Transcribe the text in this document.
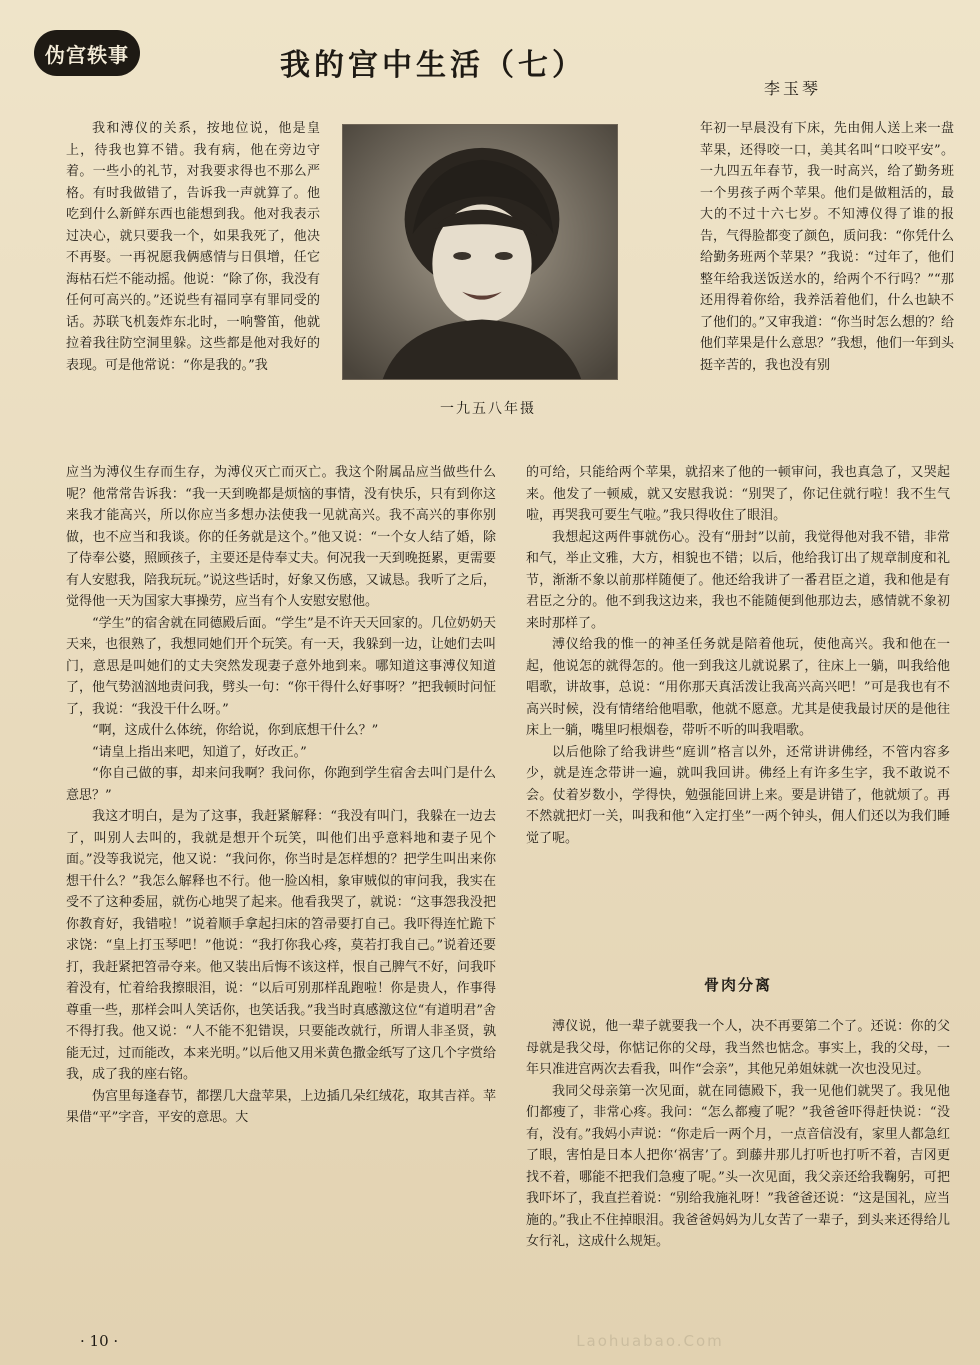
伪宫轶事	我的宫中生活（七）
李玉琴
一九五八年摄

我和溥仪的关系，按地位说，他是皇上，待我也算不错。我有病，他在旁边守着。一些小的礼节，对我要求得也不那么严格。有时我做错了，告诉我一声就算了。他吃到什么新鲜东西也能想到我。他对我表示过决心，就只要我一个，如果我死了，他决不再娶。一再祝愿我俩感情与日俱增，任它海枯石烂不能动摇。他说：“除了你，我没有任何可高兴的。”还说些有福同享有罪同受的话。苏联飞机轰炸东北时，一响警笛，他就拉着我往防空洞里躲。这些都是他对我好的表现。可是他常说：“你是我的。”我

年初一早晨没有下床，先由佣人送上来一盘苹果，还得咬一口，美其名叫“口咬平安”。一九四五年春节，我一时高兴，给了勤务班一个男孩子两个苹果。他们是做粗活的，最大的不过十六七岁。不知溥仪得了谁的报告，气得脸都变了颜色，质问我：“你凭什么给勤务班两个苹果？”我说：“过年了，他们整年给我送饭送水的，给两个不行吗？”“那还用得着你给，我养活着他们，什么也缺不了他们的。”又审我道：“你当时怎么想的？给他们苹果是什么意思？”我想，他们一年到头挺辛苦的，我也没有别

应当为溥仪生存而生存，为溥仪灭亡而灭亡。我这个附属品应当做些什么呢？他常常告诉我：“我一天到晚都是烦恼的事情，没有快乐，只有到你这来我才能高兴，所以你应当多想办法使我一见就高兴。我不高兴的事你别做，也不应当和我谈。你的任务就是这个。”他又说：“一个女人结了婚，除了侍奉公婆，照顾孩子，主要还是侍奉丈夫。何况我一天到晚挺累，更需要有人安慰我，陪我玩玩。”说这些话时，好象又伤感，又诚恳。我听了之后，觉得他一天为国家大事操劳，应当有个人安慰安慰他。

“学生”的宿舍就在同德殿后面。“学生”是不许天天回家的。几位奶奶天天来，也很熟了，我想同她们开个玩笑。有一天，我躲到一边，让她们去叫门，意思是叫她们的丈夫突然发现妻子意外地到来。哪知道这事溥仪知道了，他气势汹汹地责问我，劈头一句：“你干得什么好事呀？”把我顿时问怔了，我说：“我没干什么呀。”

“啊，这成什么体统，你给说，你到底想干什么？”

“请皇上指出来吧，知道了，好改正。”

“你自己做的事，却来问我啊？我问你，你跑到学生宿舍去叫门是什么意思？”

我这才明白，是为了这事，我赶紧解释：“我没有叫门，我躲在一边去了，叫别人去叫的，我就是想开个玩笑，叫他们出乎意料地和妻子见个面。”没等我说完，他又说：“我问你，你当时是怎样想的？把学生叫出来你想干什么？”我怎么解释也不行。他一脸凶相，象审贼似的审问我，我实在受不了这种委屈，就伤心地哭了起来。他看我哭了，就说：“这事怨我没把你教育好，我错啦！”说着顺手拿起扫床的笤帚要打自己。我吓得连忙跪下求饶：“皇上打玉琴吧！”他说：“我打你我心疼，莫若打我自己。”说着还要打，我赶紧把笤帚夺来。他又装出后悔不该这样，恨自己脾气不好，问我吓着没有，忙着给我擦眼泪，说：“以后可别那样乱跑啦！你是贵人，作事得尊重一些，那样会叫人笑话你，也笑话我。”我当时真感激这位“有道明君”舍不得打我。他又说：“人不能不犯错误，只要能改就行，所谓人非圣贤，孰能无过，过而能改，本来光明。”以后他又用米黄色撒金纸写了这几个字赏给我，成了我的座右铭。

伪宫里每逢春节，都摆几大盘苹果，上边插几朵红绒花，取其吉祥。苹果借“平”字音，平安的意思。大

的可给，只能给两个苹果，就招来了他的一顿审问，我也真急了，又哭起来。他发了一顿威，就又安慰我说：“别哭了，你记住就行啦！我不生气啦，再哭我可要生气啦。”我只得收住了眼泪。

我想起这两件事就伤心。没有“册封”以前，我觉得他对我不错，非常和气，举止文雅，大方，相貌也不错；以后，他给我订出了规章制度和礼节，渐渐不象以前那样随便了。他还给我讲了一番君臣之道，我和他是有君臣之分的。他不到我这边来，我也不能随便到他那边去，感情就不象初来时那样了。

溥仪给我的惟一的神圣任务就是陪着他玩，使他高兴。我和他在一起，他说怎的就得怎的。他一到我这儿就说累了，往床上一躺，叫我给他唱歌，讲故事，总说：“用你那天真活泼让我高兴高兴吧！”可是我也有不高兴时候，没有情绪给他唱歌，他就不愿意。尤其是使我最讨厌的是他往床上一躺，嘴里叼根烟卷，带听不听的叫我唱歌。

以后他除了给我讲些“庭训”格言以外，还常讲讲佛经，不管内容多少，就是连念带讲一遍，就叫我回讲。佛经上有许多生字，我不敢说不会。仗着岁数小，学得快，勉强能回讲上来。要是讲错了，他就烦了。再不然就把灯一关，叫我和他“入定打坐”一两个钟头，佣人们还以为我们睡觉了呢。

骨肉分离

溥仪说，他一辈子就要我一个人，决不再要第二个了。还说：你的父母就是我父母，你惦记你的父母，我当然也惦念。事实上，我的父母，一年只准进宫两次去看我，叫作“会亲”，其他兄弟姐妹就一次也没见过。

我同父母亲第一次见面，就在同德殿下，我一见他们就哭了。我见他们都瘦了，非常心疼。我问：“怎么都瘦了呢？”我爸爸吓得赶快说：“没有，没有。”我妈小声说：“你走后一两个月，一点音信没有，家里人都急红了眼，害怕是日本人把你‘祸害’了。到藤井那儿打听也打听不着，吉冈更找不着，哪能不把我们急瘦了呢。”头一次见面，我父亲还给我鞠躬，可把我吓坏了，我直拦着说：“别给我施礼呀！”我爸爸还说：“这是国礼，应当施的。”我止不住掉眼泪。我爸爸妈妈为儿女苦了一辈子，到头来还得给儿女行礼，这成什么规矩。

· 10 ·	Laohuabao.Com
